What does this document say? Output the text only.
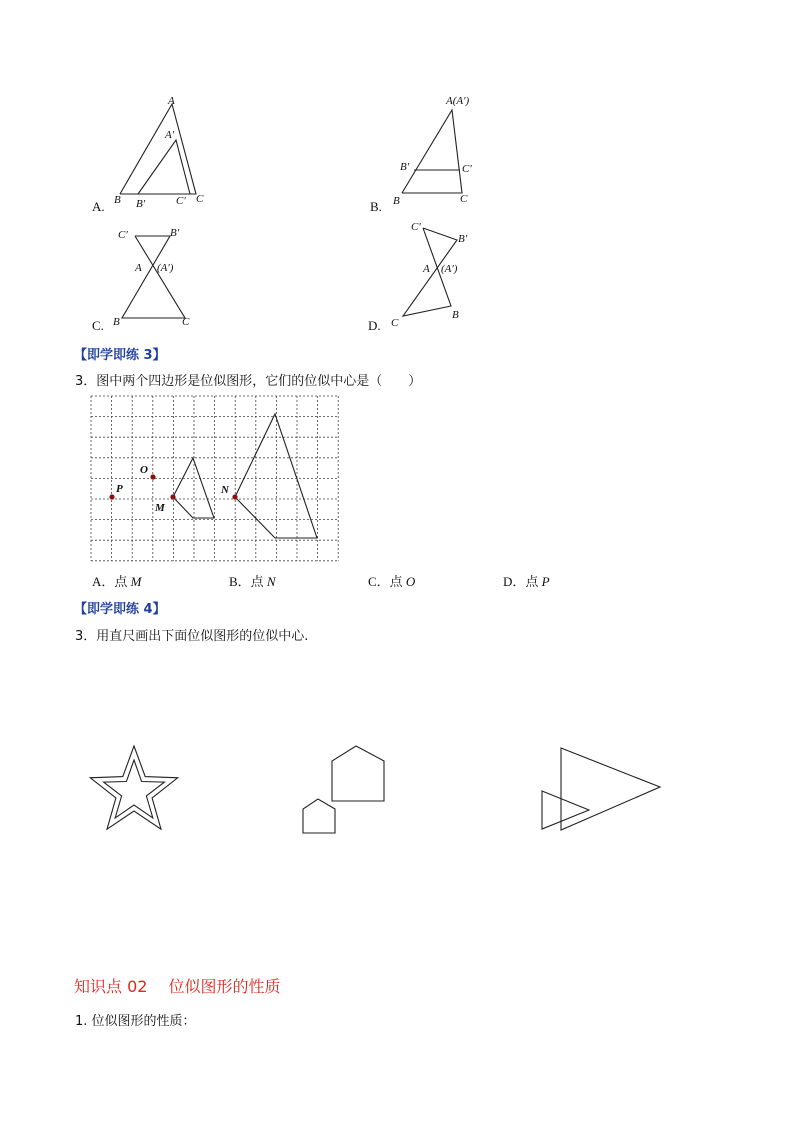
A
A′
B B′	C′ C
A.
A(A′)
B′	C′
B	C
B.
C′	B′
A (A′)
B	C
C.
C′
B′
A (A′)
C
B
D.
【即学即练 3】
3．图中两个四边形是位似图形，它们的位似中心是（　　）
O
P
M
N
A．点 M	B．点 N	C．点 O	D．点 P
【即学即练 4】
3．用直尺画出下面位似图形的位似中心.
知识点 02　 位似图形的性质
1. 位似图形的性质：
